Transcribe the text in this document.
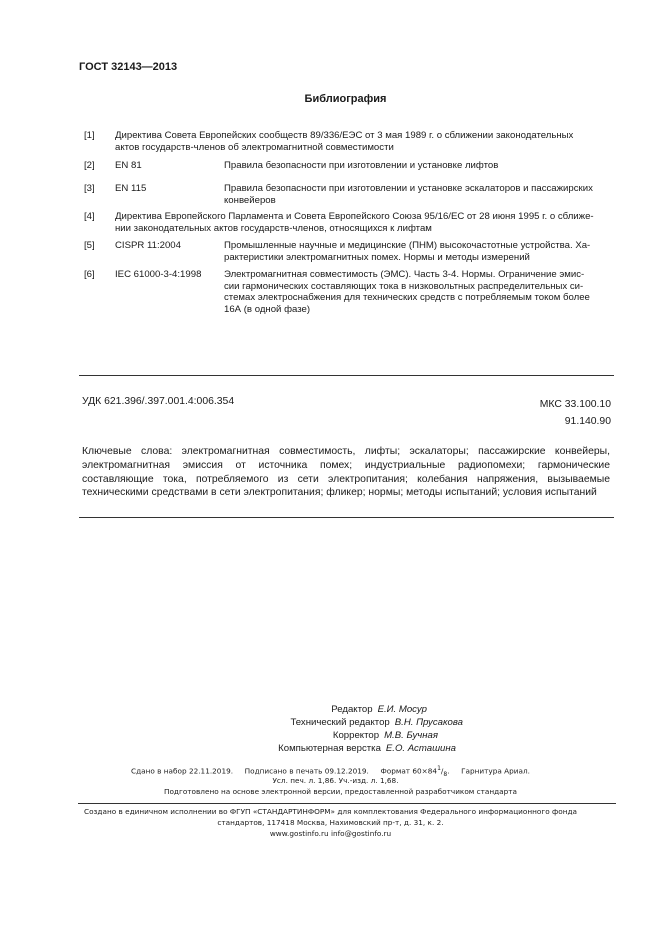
ГОСТ 32143—2013
Библиография
[1] Директива Совета Европейских сообществ 89/336/ЕЭС от 3 мая 1989 г. о сближении законодательных
актов государств-членов об электромагнитной совместимости
[2] EN 81	Правила безопасности при изготовлении и установке лифтов
[3] EN 115	Правила безопасности при изготовлении и установке эскалаторов и пассажирских
конвейеров
[4] Директива Европейского Парламента и Совета Европейского Союза 95/16/ЕС от 28 июня 1995 г. о сближе-
нии законодательных актов государств-членов, относящихся к лифтам
[5] CISPR 11:2004	Промышленные научные и медицинские (ПНМ) высокочастотные устройства. Ха-
рактеристики электромагнитных помех. Нормы и методы измерений
[6] IEC 61000-3-4:1998 Электромагнитная совместимость (ЭМС). Часть 3-4. Нормы. Ограничение эмис-
сии гармонических составляющих тока в низковольтных распределительных си-
стемах электроснабжения для технических средств с потребляемым током более
16А (в одной фазе)
УДК 621.396/.397.001.4:006.354	МКС 33.100.10
91.140.90
Ключевые слова: электромагнитная совместимость, лифты; эскалаторы; пассажирские конвейеры, электромагнитная эмиссия от источника помех; индустриальные радиопомехи; гармонические составляющие тока, потребляемого из сети электропитания; колебания напряжения, вызываемые техническими средствами в сети электропитания; фликер; нормы; методы испытаний; условия испытаний
Редактор Е.И. Мосур
Технический редактор В.Н. Прусакова
Корректор М.В. Бучная
Компьютерная верстка Е.О. Асташина
Сдано в набор 22.11.2019. Подписано в печать 09.12.2019. Формат $60\times 84^1/_8$.     Гарнитура Ариал.
Усл. печ. л. 1,86. Уч.-изд. л. 1,68.
Подготовлено на основе электронной версии, предоставленной разработчиком стандарта
Создано в единичном исполнении во ФГУП «СТАНДАРТИНФОРМ» для комплектования Федерального информационного фонда
стандартов, 117418 Москва, Нахимовский пр-т, д. 31, к. 2.
www.gostinfo.ru info@gostinfo.ru
